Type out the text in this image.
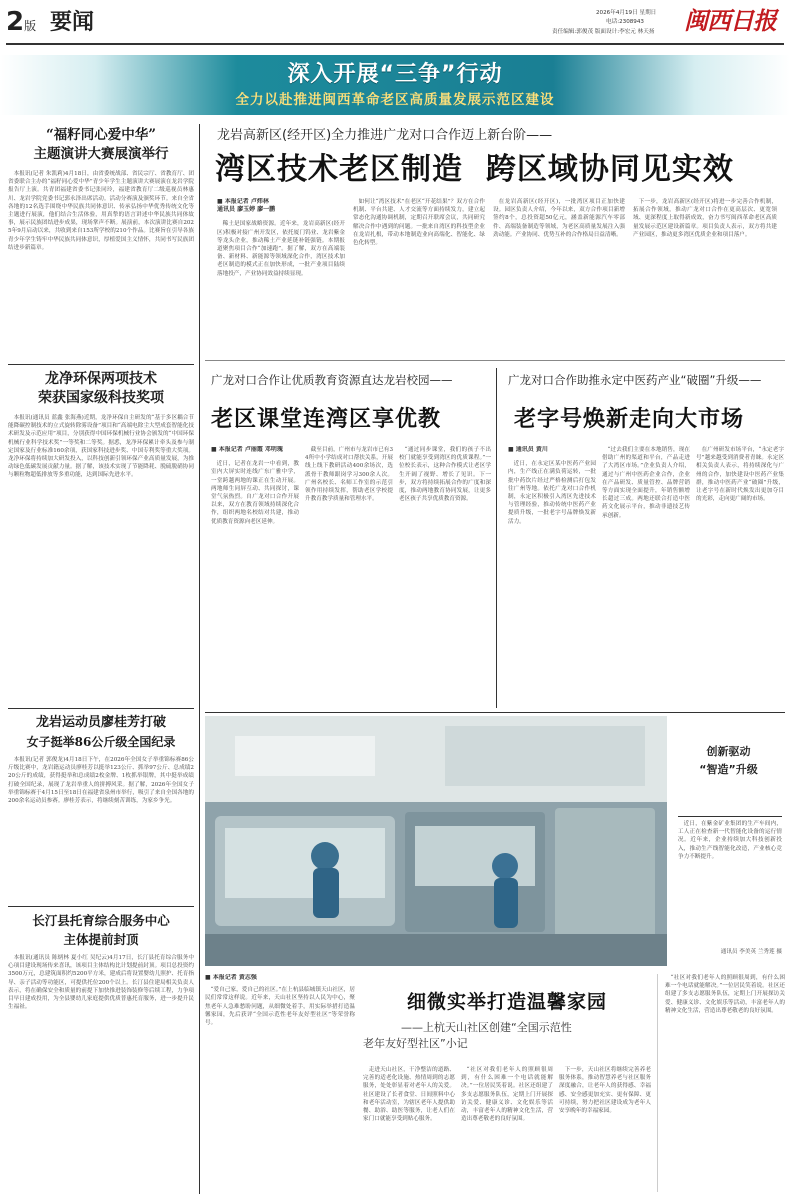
2版 要闻	2026年4月19日 星期日
电话:2308943
责任编辑:郭俊茂 版面设计:李宏元 林天扬 闽西日报
深入开展“三争”行动
全力以赴推进闽西革命老区高质量发展示范区建设
“福籽同心爱中华”
主题演讲大赛展演举行

本报讯(记者 朱凯莉)4月18日，由省委统战部、省民宗厅、省教育厅、团省委联合主办的“福籽同心爱中华”青少年学生主题演讲大赛展演在龙岩学院报告厅上演。共青团福建省委书记张同玲，福建省教育厅二级巡视员林惠川、龙岩学院党委书记郭永泽出席活动。活动分赛演及颁奖环节。来自全省各地的12名选手围绕中华民族共同体意识、传承弘扬中华优秀传统文化等主题进行展演，他们结合生活体验，用真挚的语言讲述中华民族共同体故事，展示民族团结进步成果，现场掌声不断。展演前，本次演讲比赛自2025年9月启动以来，共收到来自153所学校的210个作品。比赛旨在引导各族青少年学生铸牢中华民族共同体意识，厚植爱国主义情怀，共同书写民族团结进步新篇章。

龙净环保两项技术
荣获国家级科技奖项

本报讯(通讯员 蓝鑫 张海燕)近期，龙净环保自主研发的“基于多区耦合节能降碳控制技术的立式旋转除雾设备”项目和“高端电除尘大型成套智能化技术研发及示范应用”项目，分别获得中国环保机械行业协会颁发的“中国环保机械行业科学技术奖”一等奖和二等奖。据悉，龙净环保累计牵头及参与制定国家及行业标准160余项，获国家科技进步奖、中国专利奖等重大奖项。龙净环保将持续加大研发投入，以科技创新引领环保产业高质量发展，为推动绿色低碳发展贡献力量。据了解，该技术实现了节能降耗、脱硫脱硝协同与颗粒物超低排放等多重功能，达到国际先进水平。

龙岩运动员廖桂芳打破
女子挺举86公斤级全国纪录

本报讯(记者 郭俊龙)4月18日下午，在2026年全国女子举重锦标赛86公斤级比赛中，龙岩籍运动员廖桂芳以挺举123公斤、抓举97公斤、总成绩220公斤的成绩，获得挺举和总成绩2枚金牌、1枚抓举银牌，其中挺举成绩打破全国纪录，展现了龙岩举重人的拼搏风采。据了解，2026年全国女子举重锦标赛于4月15日至18日在福建省泉州市举行，吸引了来自全国各地的200余名运动员参赛。廖桂芳表示，将继续刻苦训练，为家乡争光。

长汀县托育综合服务中心
主体提前封顶

本报讯(通讯员 陈炳林 夏小红 吴纪云)4月17日，长汀县托育综合服务中心项目建设现场传来喜讯，该项目主体结构比计划提前封顶。项目总投资约3500万元，总建筑面积约5200平方米，建成后将设置婴幼儿照护、托育指导、亲子活动等功能区，可提供托位200个以上。长汀县住建局相关负责人表示，将在确保安全和质量的前提下加快推进装饰装修等后续工程，力争项目早日建成投用，为全县婴幼儿家庭提供优质普惠托育服务，进一步提升民生福祉。

龙岩高新区(经开区)全力推进广龙对口合作迈上新台阶——
湾区技术老区制造  跨区域协同见实效
■ 本报记者 卢炜林
通讯员 廖玉婷 廖一鹏

稀土是国家战略资源。近年来，龙岩高新区(经开区)积极对接广州开发区，依托厦门钨业、龙岩紫金等龙头企业，推动稀土产业延链补链强链。本期报道聚焦项目合作“加速跑”。据了解，双方在高端装备、新材料、新能源等领域深化合作，湾区技术加老区制造的模式正在加快形成，一批产业项目陆续落地投产，产业协同效益持续显现。

如何让“湾区技术”在老区“开花结果”？双方在合作机制、平台共建、人才交流等方面持续发力，建立起常态化沟通协调机制，定期召开联席会议，共同研究解决合作中遇到的问题。一批来自湾区的科技型企业在龙岩扎根，带动本地制造业向高端化、智能化、绿色化转型。

在龙岩高新区(经开区)，一批湾区项目正加快建设。园区负责人介绍，今年以来，双方合作项目新增签约8个，总投资超50亿元，涵盖新能源汽车零部件、高端装备制造等领域，为老区高质量发展注入强劲动能。产业协同、优势互补的合作格局日益清晰。

下一步，龙岩高新区(经开区)将进一步完善合作机制，拓展合作领域，推动广龙对口合作在更高层次、更宽领域、更深程度上取得新成效，奋力书写闽西革命老区高质量发展示范区建设新篇章。项目负责人表示，双方将共建产业园区，推动更多湾区优质企业和项目落户。

广龙对口合作让优质教育资源直达龙岩校园——
老区课堂连湾区享优教
■ 本报记者 卢丽霞 邓明瑰

近日，记者在龙岩一中看到，教室内大屏实时连线广东广雅中学，一堂跨越两地的课正在生动开展。两地师生同屏互动、共同探讨，课堂气氛热烈。自广龙对口合作开展以来，双方在教育领域持续深化合作，组织两地名校结对共建，推动优质教育资源向老区延伸。

截至目前，广州市与龙岩市已有34所中小学结成对口帮扶关系，开展线上线下教研活动400余场次，选派骨干教师跟岗学习300余人次。广州名校长、名师工作室的示范引领作用持续发挥，帮助老区学校提升教育教学质量和管理水平。

“通过同步课堂，我们的孩子不出校门就能享受到湾区的优质课程。”一位校长表示，这种合作模式让老区学生开阔了视野、增长了见识。下一步，双方将持续拓展合作的广度和深度，推动两地教育协同发展，让更多老区孩子共享优质教育资源。

广龙对口合作助推永定中医药产业“破圈”升级——
老字号焕新走向大市场
■ 通讯员 黄川

近日，在永定区某中医药产业园内，生产线正在满负荷运转，一批批中药饮片经过严格检测后打包发往广州等地。依托广龙对口合作机制，永定区积极引入湾区先进技术与管理经验，推动传统中医药产业提质升级，一批老字号品牌焕发新活力。

“过去我们主要在本地销售，现在借助广州的渠道和平台，产品走进了大湾区市场。”企业负责人介绍，通过与广州中医药企业合作，企业在产品研发、质量管控、品牌营销等方面实现全面提升，年销售额增长超过三成。两地还联合打造中医药文化展示平台，推动非遗技艺传承创新。

在广州研发市场平台，“永定老字号”越来越受到消费者青睐。永定区相关负责人表示，将持续深化与广州的合作，加快建设中医药产业集群，推动中医药产业“破圈”升级，让老字号在新时代焕发出更加夺目的光彩，走向更广阔的市场。

创新驱动
“智造”升级

近日，在紫金矿业集团的生产车间内，工人正在检查新一代智能化设备的运行情况。近年来，企业持续加大科技创新投入，推动生产线智能化改造，产业核心竞争力不断提升。

通讯员 李美英 兰秀莲 摄
■ 本报记者 黄志强

“爱自己家，爱自己的社区。”在上杭县临城镇天山社区，居民们常常这样说。近年来，天山社区坚持以人民为中心，聚焦老年人急难愁盼问题，从细微处着手，用实际举措打造温馨家园，先后获评“全国示范性老年友好型社区”等荣誉称号。

细微实举打造温馨家园
——上杭天山社区创建“全国示范性
老年友好型社区”小记

走进天山社区，干净整洁的道路、完善的适老化设施、热情周到的志愿服务，处处彰显着对老年人的关爱。社区建设了长者食堂、日间照料中心和老年活动室，为辖区老年人提供助餐、助浴、助医等服务，让老人们在家门口就能享受到贴心服务。

“社区对我们老年人的照顾很周到，有什么困难一个电话就能解决。”一位居民笑着说。社区还组建了多支志愿服务队伍，定期上门开展探访关爱、健康义诊、文化娱乐等活动，丰富老年人的精神文化生活，营造出尊老敬老的良好氛围。

下一步，天山社区将继续完善养老服务体系，推动智慧养老与社区服务深度融合，让老年人的获得感、幸福感、安全感更加充实、更有保障、更可持续，努力把社区建设成为老年人安享晚年的幸福家园。

“社区对我们老年人的照顾很周到，有什么困难一个电话就能解决。”一位居民笑着说。社区还组建了多支志愿服务队伍，定期上门开展探访关爱、健康义诊、文化娱乐等活动，丰富老年人的精神文化生活，营造出尊老敬老的良好氛围。
